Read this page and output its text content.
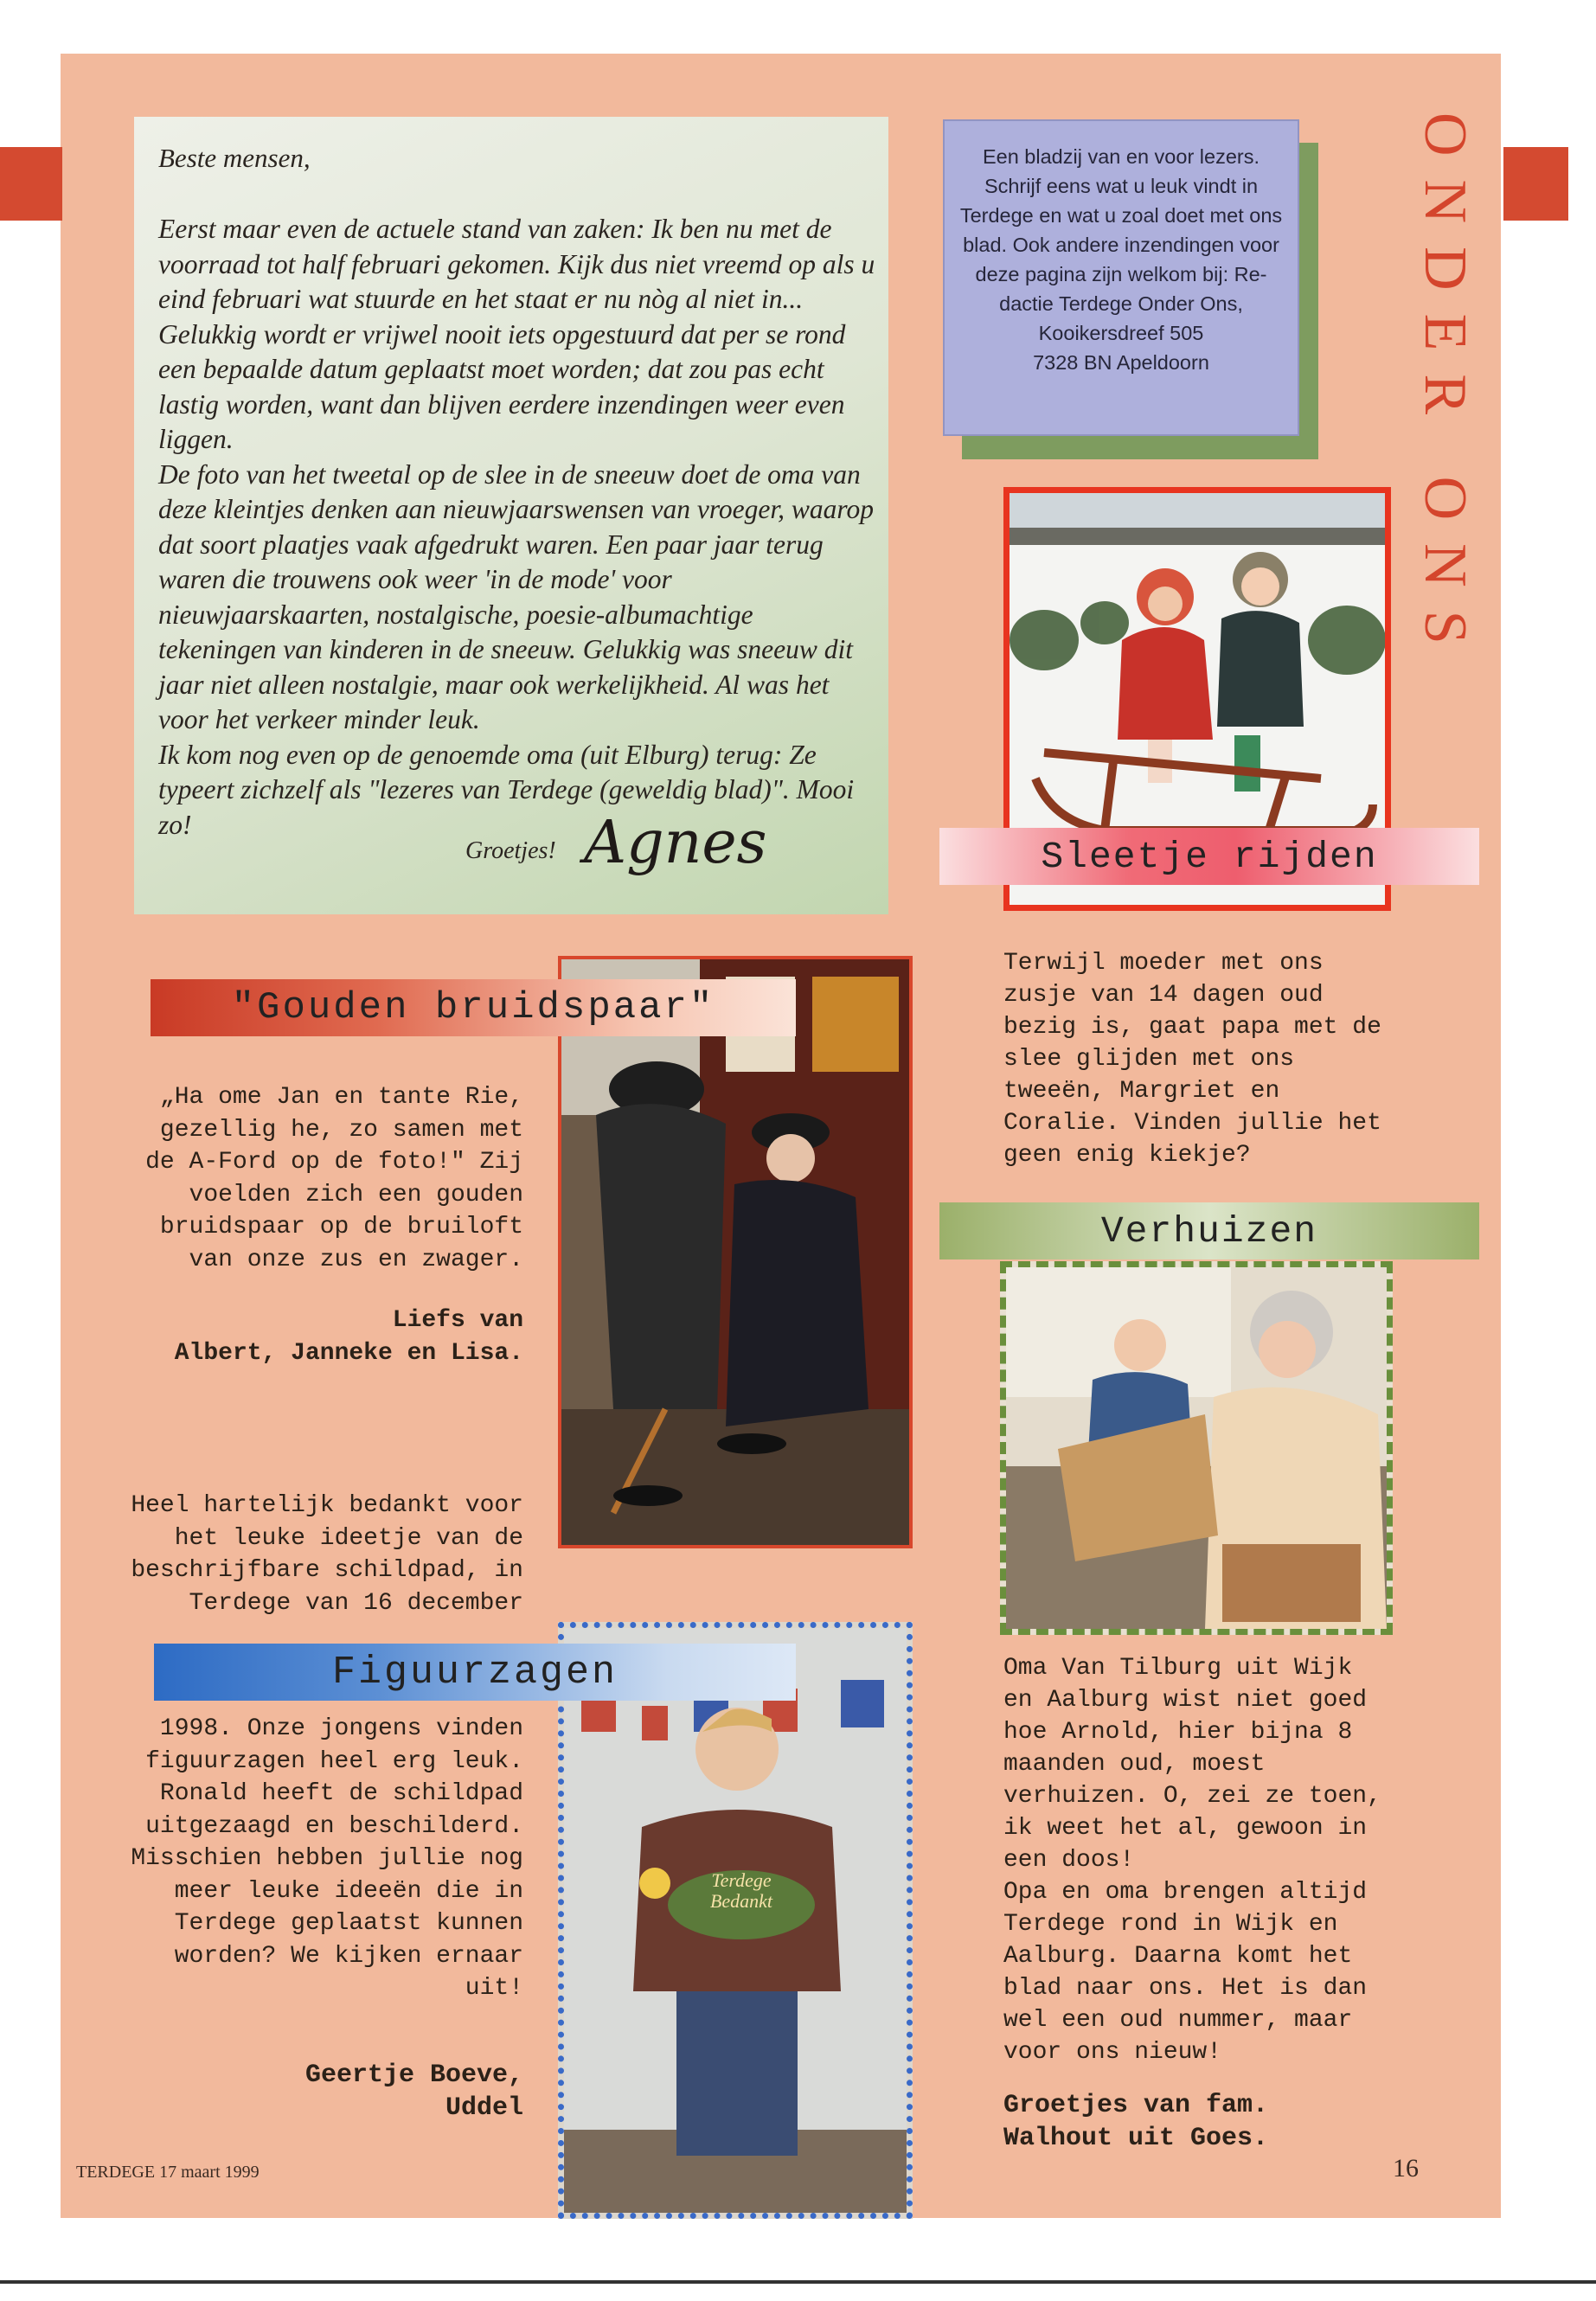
Beste mensen,
Eerst maar even de actuele stand van zaken: Ik ben nu met de voorraad tot half februari gekomen. Kijk dus niet vreemd op als u eind februari wat stuurde en het staat er nu nòg al niet in... Gelukkig wordt er vrijwel nooit iets opgestuurd dat per se rond een bepaalde datum geplaatst moet worden; dat zou pas echt lastig worden, want dan blijven eerdere inzendingen weer even liggen.
De foto van het tweetal op de slee in de sneeuw doet de oma van deze kleintjes denken aan nieuwjaarswensen van vroeger, waarop dat soort plaatjes vaak afgedrukt waren. Een paar jaar terug waren die trouwens ook weer 'in de mode' voor nieuwjaarskaarten, nostalgische, poesie-albumachtige tekeningen van kinderen in de sneeuw. Gelukkig was sneeuw dit jaar niet alleen nostalgie, maar ook werkelijkheid. Al was het voor het verkeer minder leuk.
Ik kom nog even op de genoemde oma (uit Elburg) terug: Ze typeert zichzelf als "lezeres van Terdege (geweldig blad)". Mooi zo!
Groetjes! Agnes
Een bladzij van en voor lezers. Schrijf eens wat u leuk vindt in Terdege en wat u zoal doet met ons blad. Ook andere inzendingen voor deze pagina zijn welkom bij: Re-dactie Terdege Onder Ons, Kooikersdreef 505
7328 BN Apeldoorn	ONDER ONS
Sleetje rijden
Terwijl moeder met ons zusje van 14 dagen oud bezig is, gaat papa met de slee glijden met ons tweeën, Margriet en Coralie. Vinden jullie het geen enig kiekje?
"Gouden bruidspaar"
„Ha ome Jan en tante Rie, gezellig he, zo samen met de A-Ford op de foto!" Zij voelden zich een gouden bruidspaar op de bruiloft van onze zus en zwager.
Liefs van
Albert, Janneke en Lisa.
Verhuizen
Oma Van Tilburg uit Wijk en Aalburg wist niet goed hoe Arnold, hier bijna 8 maanden oud, moest verhuizen. O, zei ze toen, ik weet het al, gewoon in een doos!
Opa en oma brengen altijd Terdege rond in Wijk en Aalburg. Daarna komt het blad naar ons. Het is dan wel een oud nummer, maar voor ons nieuw!
Groetjes van fam.
Walhout uit Goes.
Heel hartelijk bedankt voor het leuke ideetje van de beschrijfbare schildpad, in Terdege van 16 december
Terdege
Bedankt
Figuurzagen
1998. Onze jongens vinden figuurzagen heel erg leuk. Ronald heeft de schildpad uitgezaagd en beschilderd. Misschien hebben jullie nog meer leuke ideeën die in Terdege geplaatst kunnen worden? We kijken ernaar uit!
Geertje Boeve,
Uddel
TERDEGE 17 maart 1999	16
